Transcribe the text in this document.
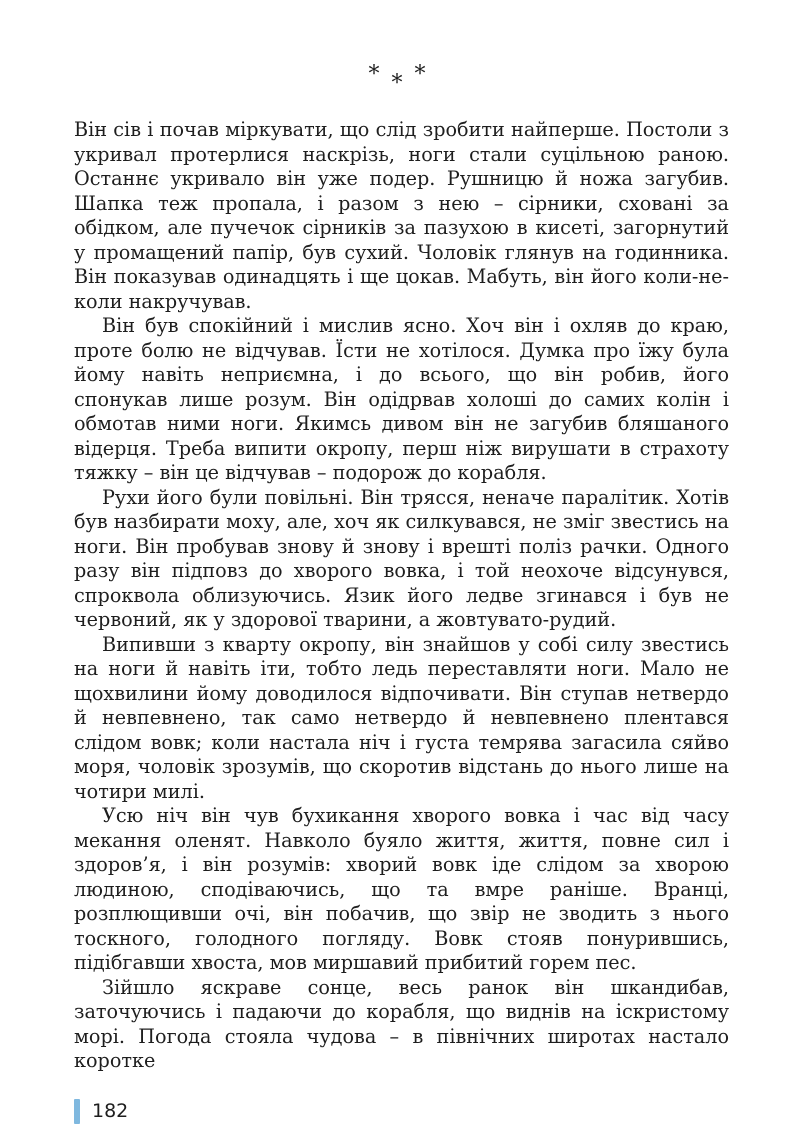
* * *

Він сів і почав міркувати, що слід зробити найперше. Постоли з укривал протерлися наскрізь, ноги стали суцільною раною. Останнє укривало він уже подер. Рушницю й ножа загубив. Шапка теж пропала, і разом з нею – сірники, сховані за обідком, але пучечок сірників за пазухою в кисеті, загорнутий у промащений папір, був сухий. Чоловік глянув на годинника. Він показував одинадцять і ще цокав. Мабуть, він його коли-не-коли накручував.

Він був спокійний і мислив ясно. Хоч він і охляв до краю, проте болю не відчував. Їсти не хотілося. Думка про їжу була йому навіть неприємна, і до всього, що він робив, його спонукав лише розум. Він одідрвав холоші до самих колін і обмотав ними ноги. Якимсь дивом він не загубив бляшаного відерця. Треба випити окропу, перш ніж вирушати в страхоту тяжку – він це відчував – подорож до корабля.

Рухи його були повільні. Він трясся, неначе паралітик. Хотів був назбирати моху, але, хоч як силкувався, не зміг звестись на ноги. Він пробував знову й знову і врешті поліз рачки. Одного разу він підповз до хворого вовка, і той неохоче відсунувся, спроквола облизуючись. Язик його ледве згинався і був не червоний, як у здорової тварини, а жовтувато-рудий.

Випивши з кварту окропу, він знайшов у собі силу звестись на ноги й навіть іти, тобто ледь переставляти ноги. Мало не щохвилини йому доводилося відпочивати. Він ступав нетвердо й невпевнено, так само нетвердо й невпевнено плентався слідом вовк; коли настала ніч і густа темрява загасила сяйво моря, чоловік зрозумів, що скоротив відстань до нього лише на чотири милі.

Усю ніч він чув бухикання хворого вовка і час від часу мекання оленят. Навколо буяло життя, життя, повне сил і здоров’я, і він розумів: хворий вовк іде слідом за хворою людиною, сподіваючись, що та вмре раніше. Вранці, розплющивши очі, він побачив, що звір не зводить з нього тоскного, голодного погляду. Вовк стояв понурившись, підібгавши хвоста, мов миршавий прибитий горем пес.

Зійшло яскраве сонце, весь ранок він шкандибав, заточуючись і падаючи до корабля, що виднів на іскристому морі. Погода стояла чудова – в північних широтах настало коротке

182
